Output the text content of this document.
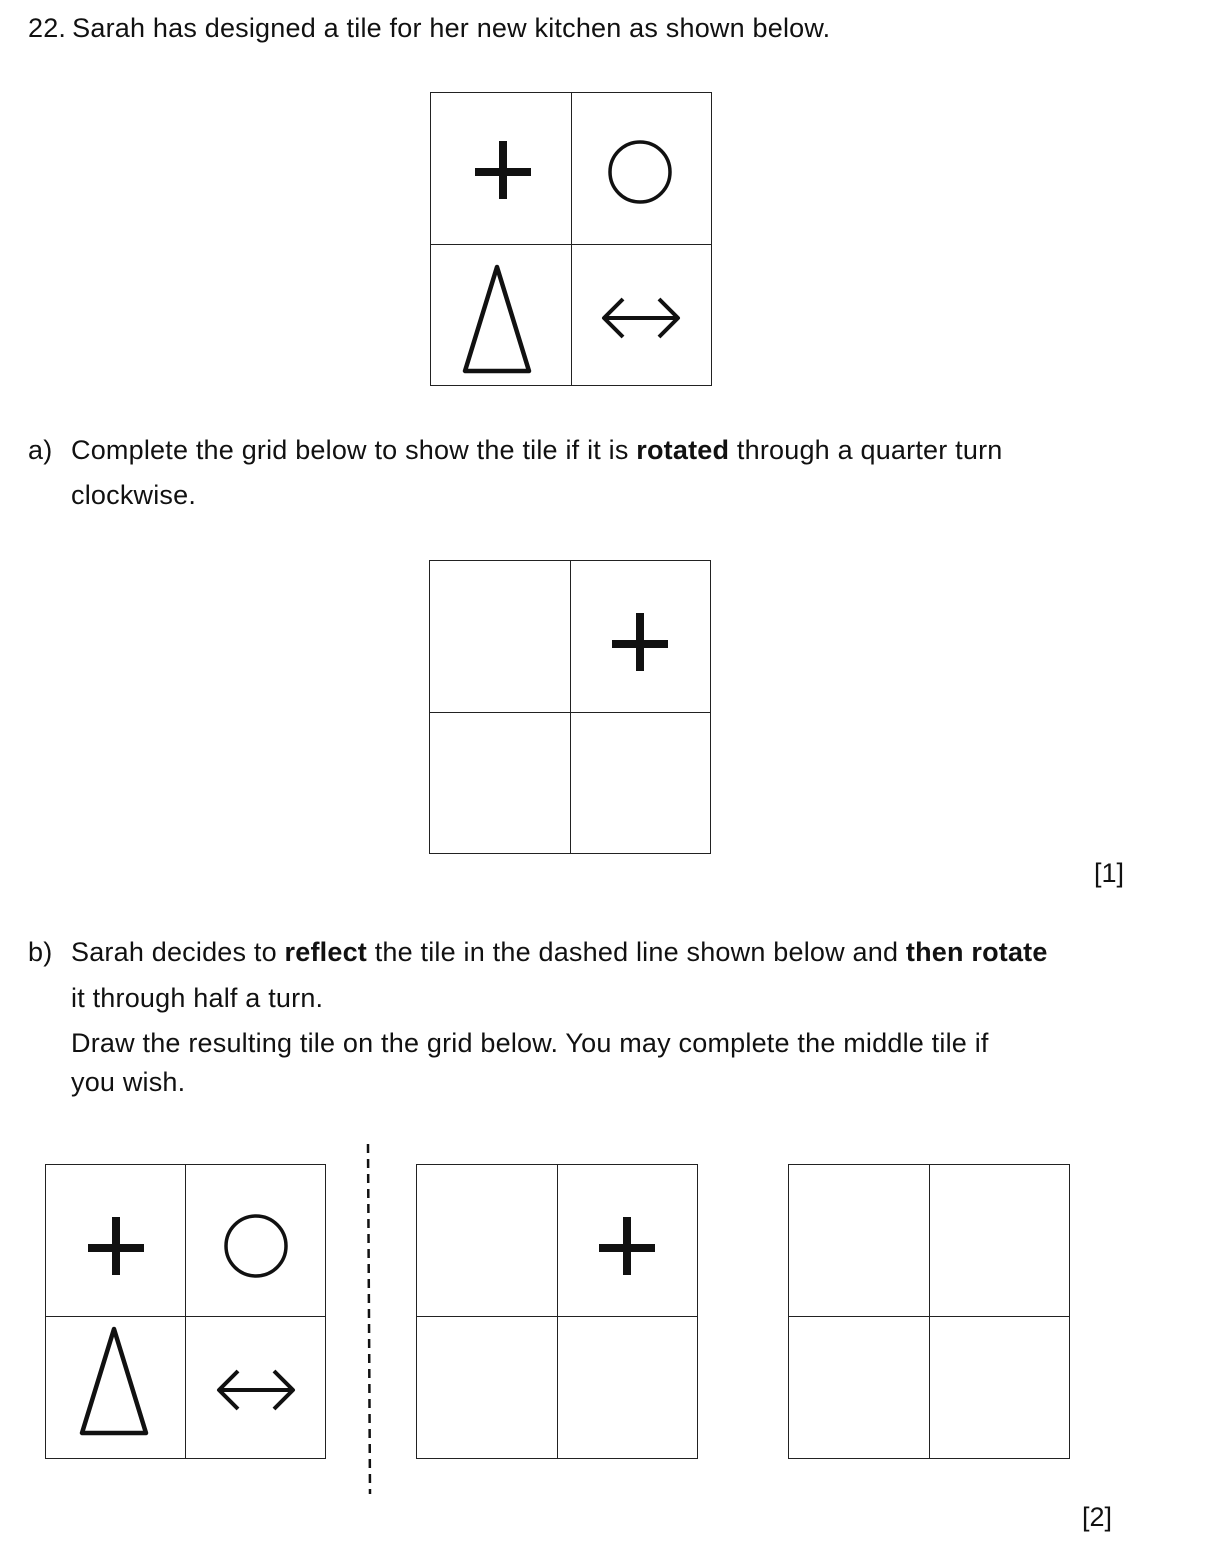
22. Sarah has designed a tile for her new kitchen as shown below.
a) Complete the grid below to show the tile if it is rotated through a quarter turn
clockwise.
[1]
b) Sarah decides to reflect the tile in the dashed line shown below and then rotate
it through half a turn.
Draw the resulting tile on the grid below. You may complete the middle tile if
you wish.
[2]
